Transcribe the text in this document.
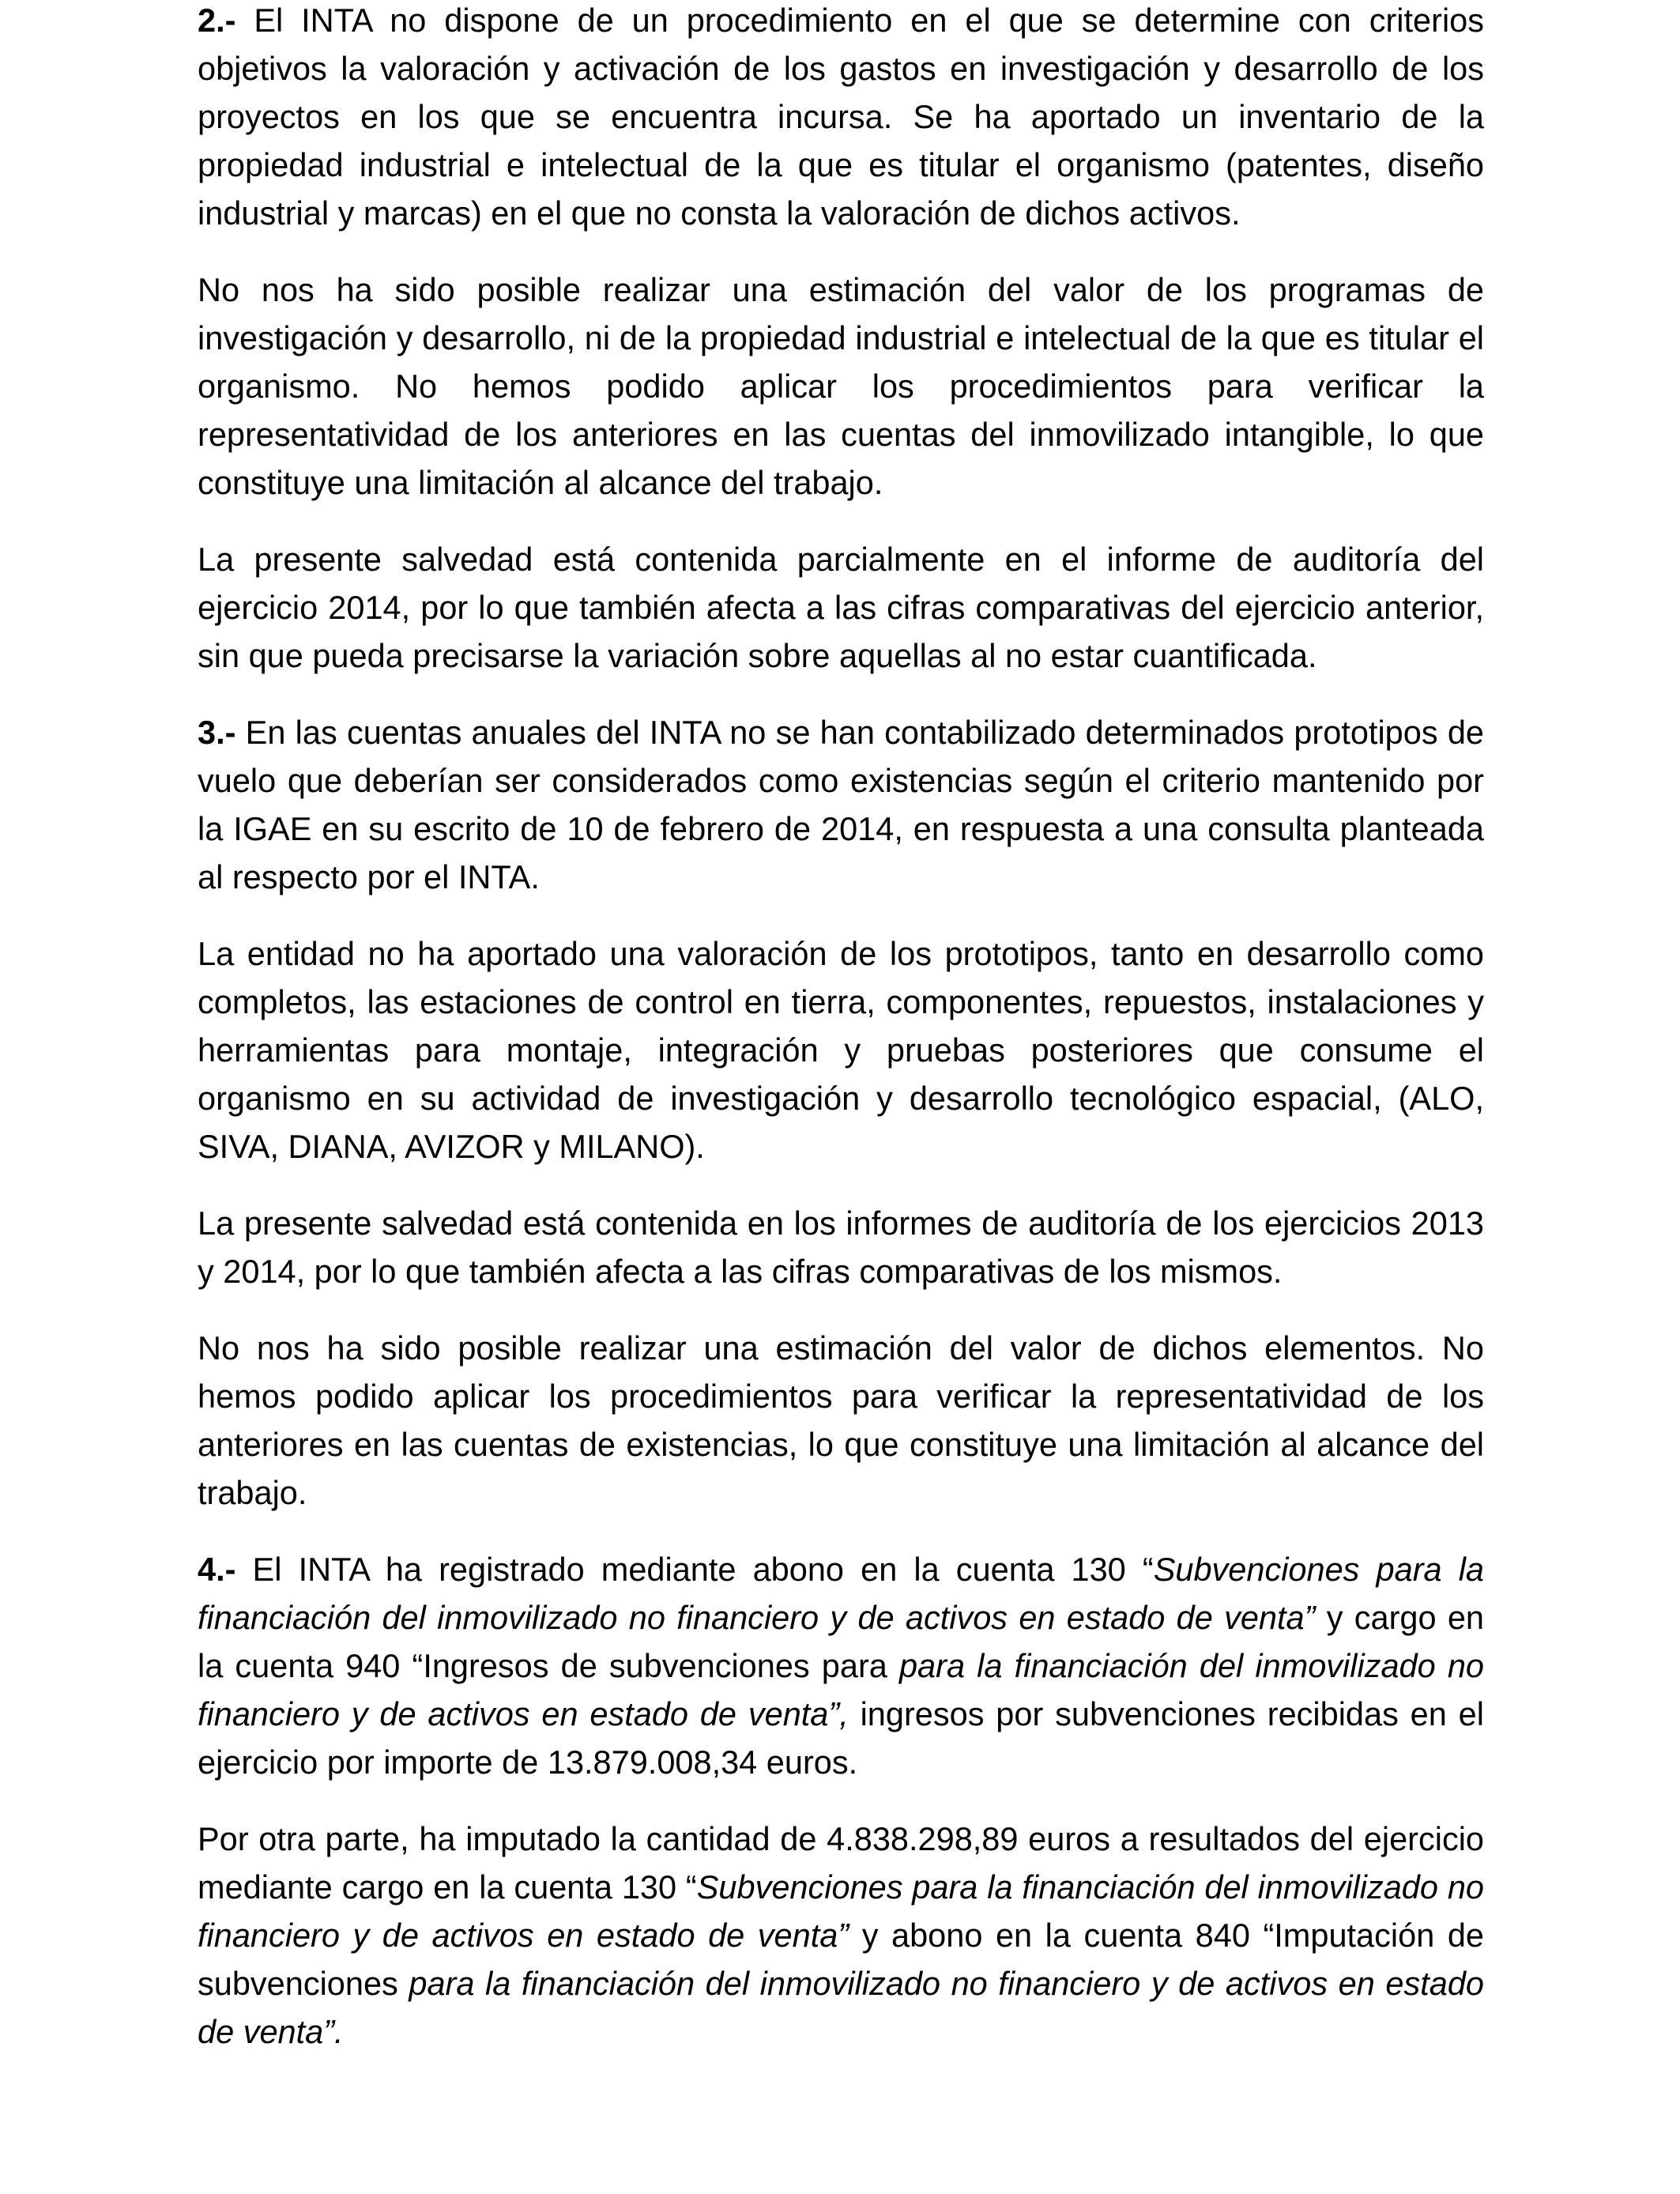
2.- El INTA no dispone de un procedimiento en el que se determine con criterios objetivos la valoración y activación de los gastos en investigación y desarrollo de los proyectos en los que se encuentra incursa. Se ha aportado un inventario de la propiedad industrial e intelectual de la que es titular el organismo (patentes, diseño industrial y marcas) en el que no consta la valoración de dichos activos.

No nos ha sido posible realizar una estimación del valor de los programas de investigación y desarrollo, ni de la propiedad industrial e intelectual de la que es titular el organismo. No hemos podido aplicar los procedimientos para verificar la representatividad de los anteriores en las cuentas del inmovilizado intangible, lo que constituye una limitación al alcance del trabajo.

La presente salvedad está contenida parcialmente en el informe de auditoría del ejercicio 2014, por lo que también afecta a las cifras comparativas del ejercicio anterior, sin que pueda precisarse la variación sobre aquellas al no estar cuantificada.

3.- En las cuentas anuales del INTA no se han contabilizado determinados prototipos de vuelo que deberían ser considerados como existencias según el criterio mantenido por la IGAE en su escrito de 10 de febrero de 2014, en respuesta a una consulta planteada al respecto por el INTA.

La entidad no ha aportado una valoración de los prototipos, tanto en desarrollo como completos, las estaciones de control en tierra, componentes, repuestos, instalaciones y herramientas para montaje, integración y pruebas posteriores que consume el organismo en su actividad de investigación y desarrollo tecnológico espacial, (ALO, SIVA, DIANA, AVIZOR y MILANO).

La presente salvedad está contenida en los informes de auditoría de los ejercicios 2013 y 2014, por lo que también afecta a las cifras comparativas de los mismos.

No nos ha sido posible realizar una estimación del valor de dichos elementos. No hemos podido aplicar los procedimientos para verificar la representatividad de los anteriores en las cuentas de existencias, lo que constituye una limitación al alcance del trabajo.

4.- El INTA ha registrado mediante abono en la cuenta 130 “Subvenciones para la financiación del inmovilizado no financiero y de activos en estado de venta” y cargo en la cuenta 940 “Ingresos de subvenciones para para la financiación del inmovilizado no financiero y de activos en estado de venta”, ingresos por subvenciones recibidas en el ejercicio por importe de 13.879.008,34 euros.

Por otra parte, ha imputado la cantidad de 4.838.298,89 euros a resultados del ejercicio mediante cargo en la cuenta 130 “Subvenciones para la financiación del inmovilizado no financiero y de activos en estado de venta” y abono en la cuenta 840 “Imputación de subvenciones para la financiación del inmovilizado no financiero y de activos en estado de venta”.
